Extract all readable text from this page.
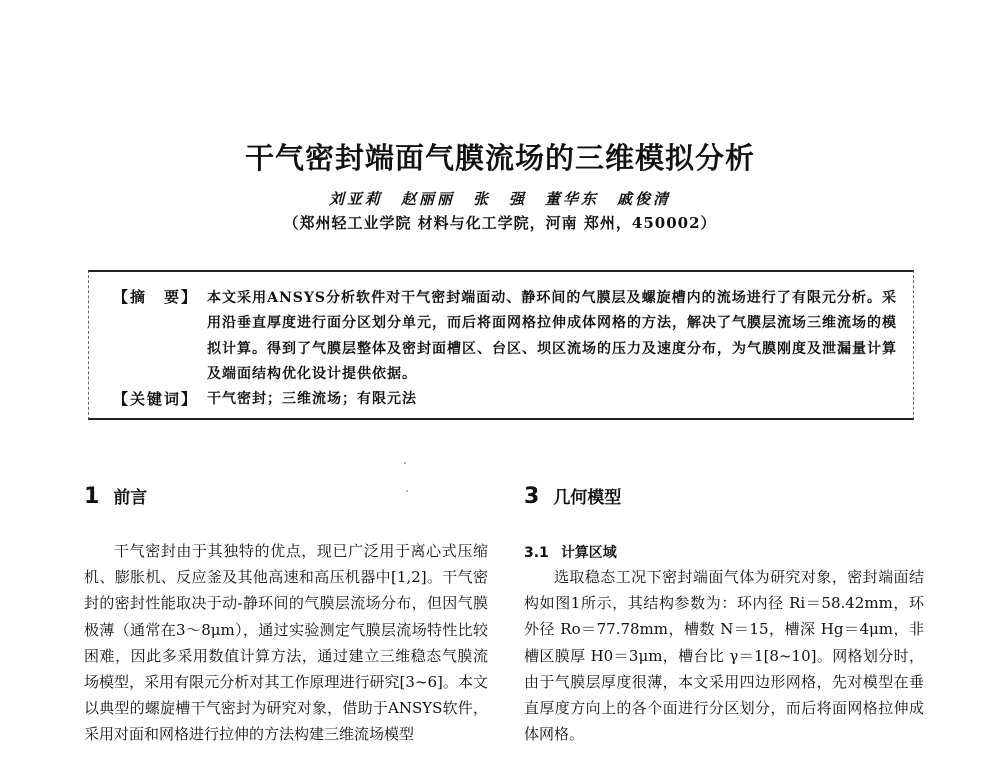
干气密封端面气膜流场的三维模拟分析
刘亚莉　赵丽丽　张　强　董华东　戚俊清
（郑州轻工业学院 材料与化工学院，河南 郑州，450002）
【摘　要】 本文采用ANSYS分析软件对干气密封端面动、静环间的气膜层及螺旋槽内的流场进行了有限元分析。采用沿垂直厚度进行面分区划分单元，而后将面网格拉伸成体网格的方法，解决了气膜层流场三维流场的模拟计算。得到了气膜层整体及密封面槽区、台区、坝区流场的压力及速度分布，为气膜刚度及泄漏量计算及端面结构优化设计提供依据。
【关键词】 干气密封；三维流场；有限元法
1 前言

干气密封由于其独特的优点，现已广泛用于离心式压缩机、膨胀机、反应釜及其他高速和高压机器中[1,2]。干气密封的密封性能取决于动-静环间的气膜层流场分布，但因气膜极薄（通常在3～8μm），通过实验测定气膜层流场特性比较困难，因此多采用数值计算方法，通过建立三维稳态气膜流场模型，采用有限元分析对其工作原理进行研究[3~6]。本文以典型的螺旋槽干气密封为研究对象，借助于ANSYS软件，采用对面和网格进行拉伸的方法构建三维流场模型

3 几何模型
3.1 计算区域

选取稳态工况下密封端面气体为研究对象，密封端面结构如图1所示，其结构参数为：环内径 Ri＝58.42mm，环外径 Ro＝77.78mm，槽数 N＝15，槽深 Hg＝4μm，非槽区膜厚 H0＝3μm，槽台比 γ＝1[8~10]。网格划分时，由于气膜层厚度很薄，本文采用四边形网格，先对模型在垂直厚度方向上的各个面进行分区划分，而后将面网格拉伸成体网格。
